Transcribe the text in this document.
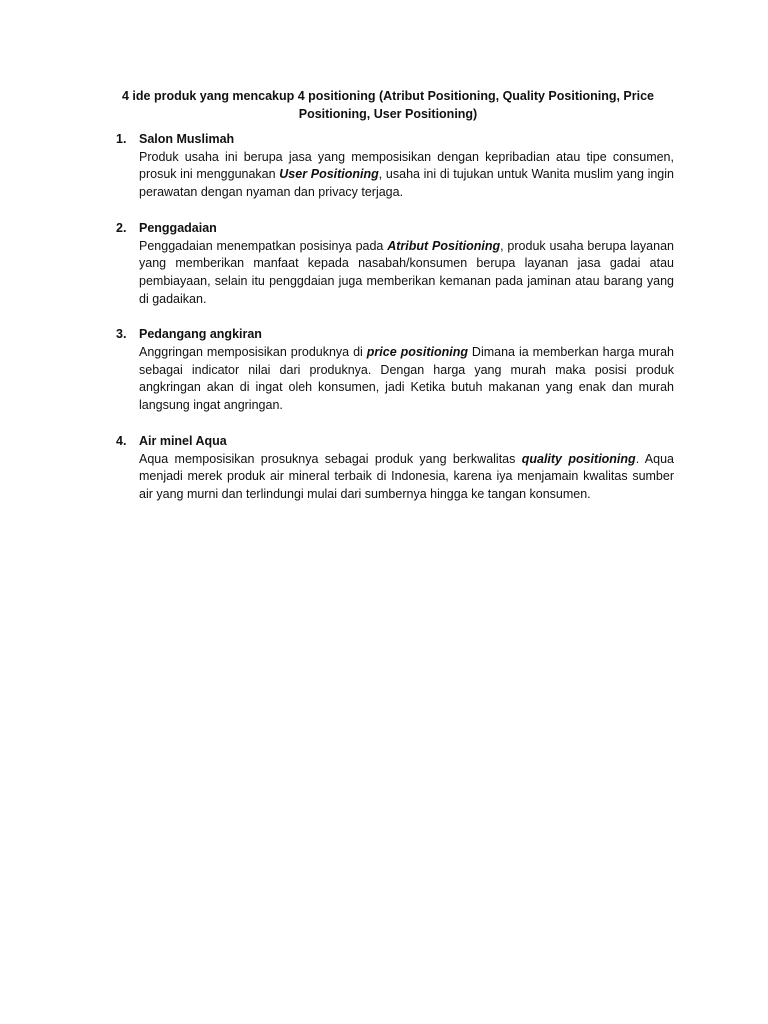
4 ide produk yang mencakup 4 positioning (Atribut Positioning, Quality Positioning, Price Positioning, User Positioning)
1. Salon Muslimah
Produk usaha ini berupa jasa yang memposisikan dengan kepribadian atau tipe consumen, prosuk ini menggunakan User Positioning, usaha ini di tujukan untuk Wanita muslim yang ingin perawatan dengan nyaman dan privacy terjaga.
2. Penggadaian
Penggadaian menempatkan posisinya pada Atribut Positioning, produk usaha berupa layanan yang memberikan manfaat kepada nasabah/konsumen berupa layanan jasa gadai atau pembiayaan, selain itu penggdaian juga memberikan kemanan pada jaminan atau barang yang di gadaikan.
3. Pedangang angkiran
Anggringan memposisikan produknya di price positioning Dimana ia memberkan harga murah sebagai indicator nilai dari produknya. Dengan harga yang murah maka posisi produk angkringan akan di ingat oleh konsumen, jadi Ketika butuh makanan yang enak dan murah langsung ingat angringan.
4. Air minel Aqua
Aqua memposisikan prosuknya sebagai produk yang berkwalitas quality positioning. Aqua menjadi merek produk air mineral terbaik di Indonesia, karena iya menjamain kwalitas sumber air yang murni dan terlindungi mulai dari sumbernya hingga ke tangan konsumen.
